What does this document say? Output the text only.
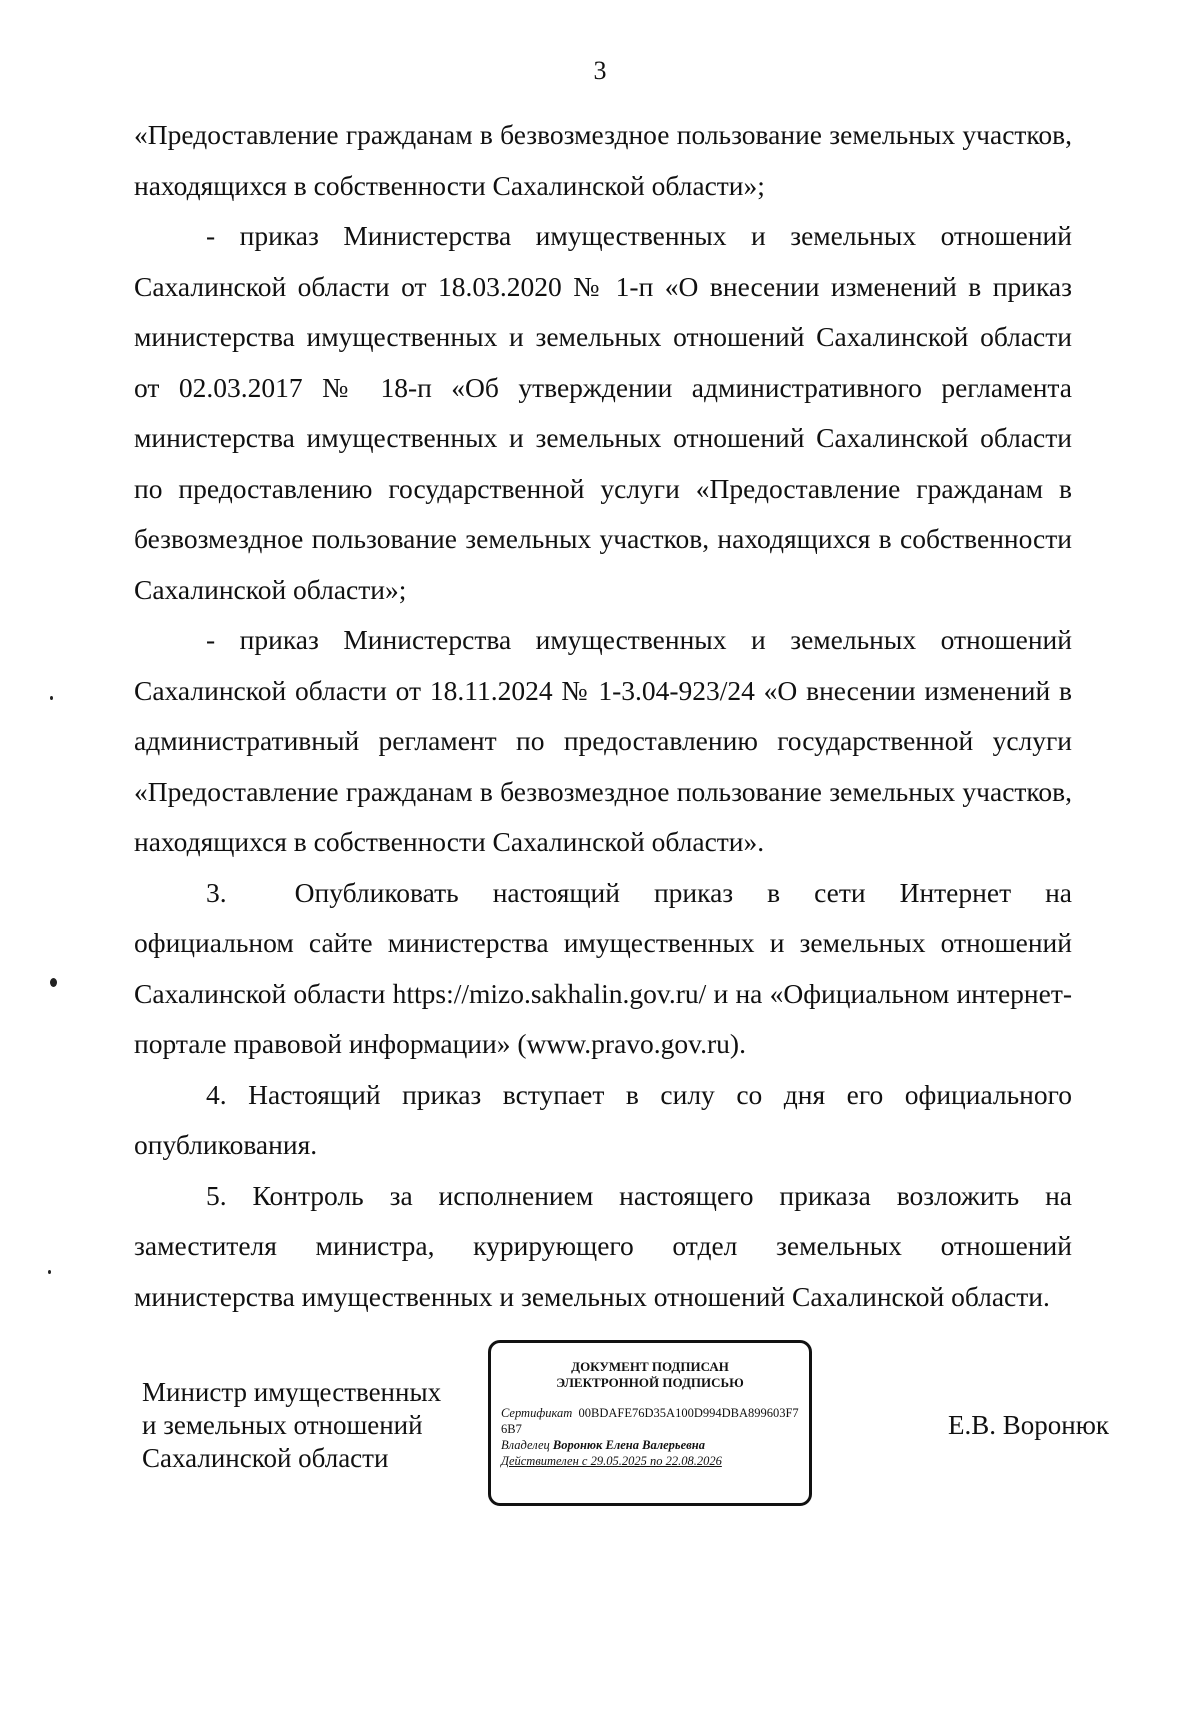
3

«Предоставление гражданам в безвозмездное пользование земельных участков, находящихся в собственности Сахалинской области»;

- приказ Министерства имущественных и земельных отношений Сахалинской области от 18.03.2020 № 1-п «О внесении изменений в приказ министерства имущественных и земельных отношений Сахалинской области от 02.03.2017 № 18-п «Об утверждении административного регламента министерства имущественных и земельных отношений Сахалинской области по предоставлению государственной услуги «Предоставление гражданам в безвозмездное пользование земельных участков, находящихся в собственности Сахалинской области»;

- приказ Министерства имущественных и земельных отношений Сахалинской области от 18.11.2024 № 1-3.04-923/24 «О внесении изменений в административный регламент по предоставлению государственной услуги «Предоставление гражданам в безвозмездное пользование земельных участков, находящихся в собственности Сахалинской области».

3. Опубликовать настоящий приказ в сети Интернет на официальном сайте министерства имущественных и земельных отношений Сахалинской области https://mizo.sakhalin.gov.ru/ и на «Официальном интернет-портале правовой информации» (www.pravo.gov.ru).

4. Настоящий приказ вступает в силу со дня его официального опубликования.

5. Контроль за исполнением настоящего приказа возложить на заместителя министра, курирующего отдел земельных отношений министерства имущественных и земельных отношений Сахалинской области.

Министр имущественных
и земельных отношений
Сахалинской области
ДОКУМЕНТ ПОДПИСАН
ЭЛЕКТРОННОЙ ПОДПИСЬЮ
Сертификат 00BDAFE76D35A100D994DBA899603F76B7
Владелец Воронюк Елена Валерьевна
Действителен с 29.05.2025 по 22.08.2026
Е.В. Воронюк
